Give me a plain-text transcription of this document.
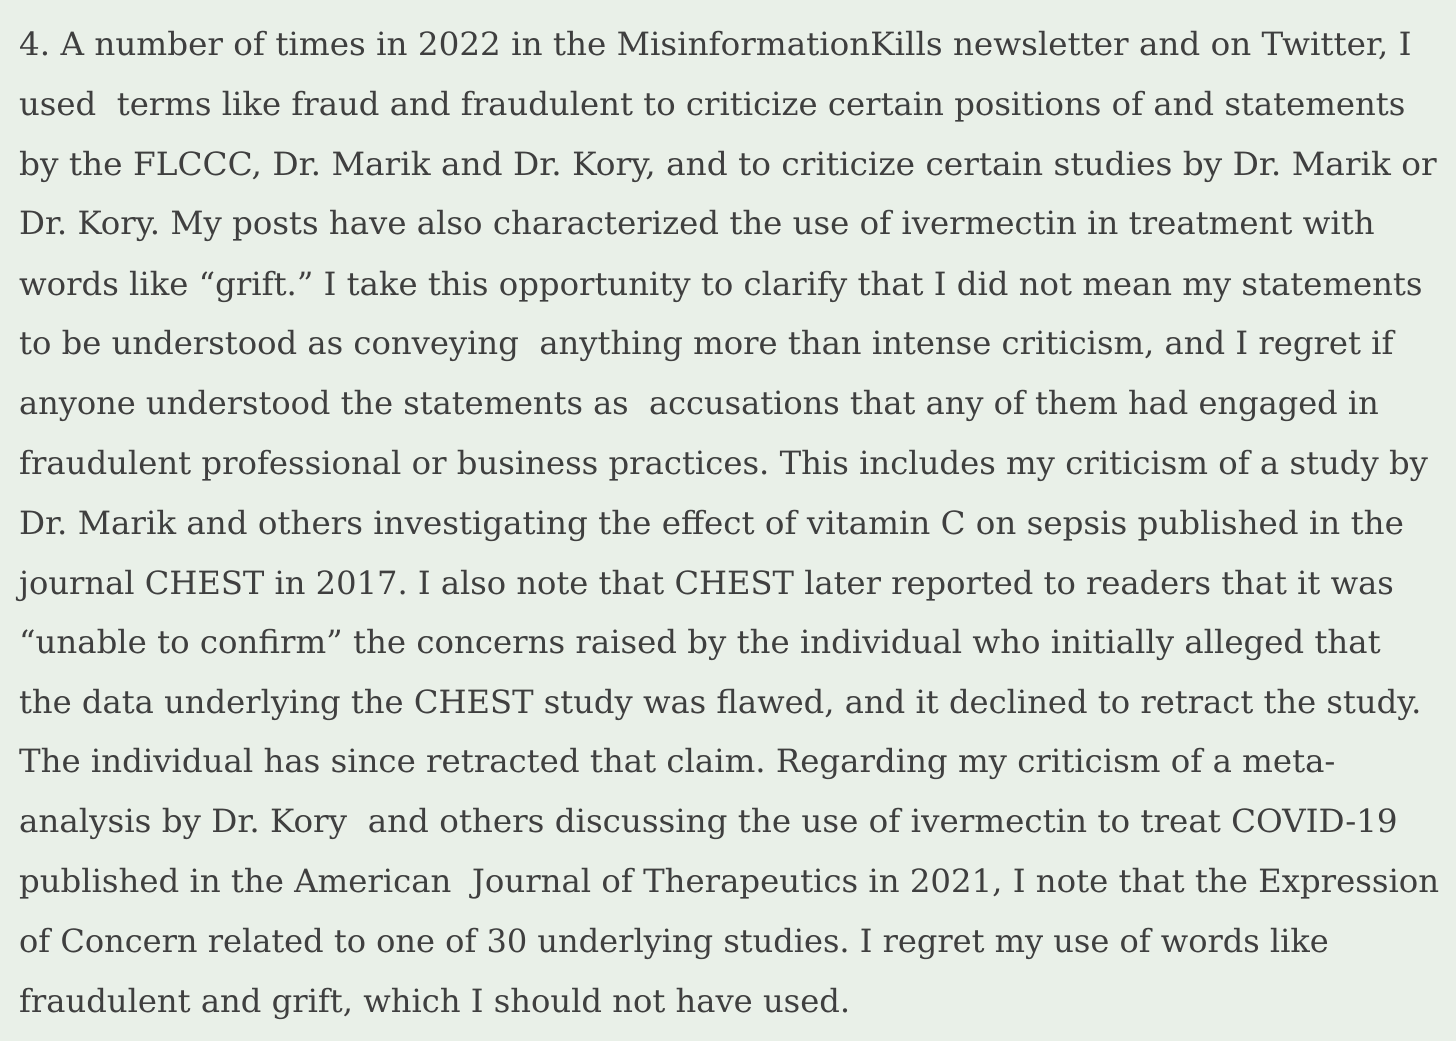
4. A number of times in 2022 in the MisinformationKills newsletter and on Twitter, I

used  terms like fraud and fraudulent to criticize certain positions of and statements

by the FLCCC, Dr. Marik and Dr. Kory, and to criticize certain studies by Dr. Marik or

Dr. Kory. My posts have also characterized the use of ivermectin in treatment with

words like “grift.” I take this opportunity to clarify that I did not mean my statements

to be understood as conveying  anything more than intense criticism, and I regret if

anyone understood the statements as  accusations that any of them had engaged in

fraudulent professional or business practices. This includes my criticism of a study by

Dr. Marik and others investigating the effect of vitamin C on sepsis published in the

journal CHEST in 2017. I also note that CHEST later reported to readers that it was

“unable to confirm” the concerns raised by the individual who initially alleged that

the data underlying the CHEST study was flawed, and it declined to retract the study.

The individual has since retracted that claim. Regarding my criticism of a meta-

analysis by Dr. Kory  and others discussing the use of ivermectin to treat COVID-19

published in the American  Journal of Therapeutics in 2021, I note that the Expression

of Concern related to one of 30 underlying studies. I regret my use of words like

fraudulent and grift, which I should not have used.
